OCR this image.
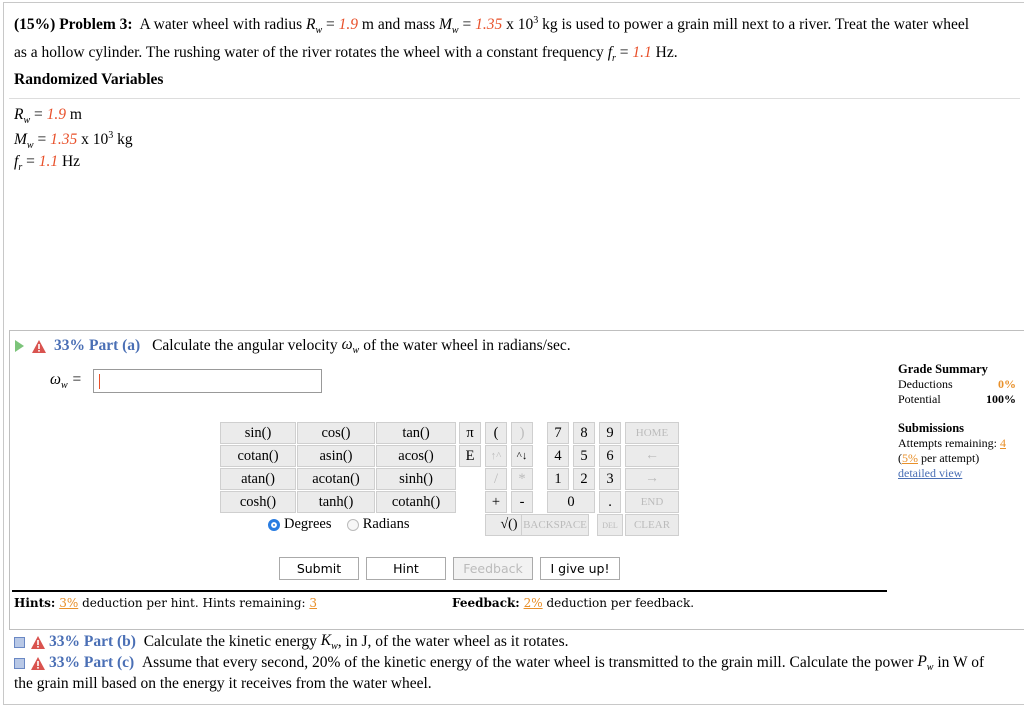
(15%) Problem 3: A water wheel with radius $R_w = 1.9$ m and mass $M_w = 1.35$ x $10^3$ kg is used to power a grain mill next to a river. Treat the water wheel
as a hollow cylinder. The rushing water of the river rotates the wheel with a constant frequency $f_r = 1.1$ Hz.
Randomized Variables
$R_w = 1.9$ m
$M_w = 1.35$ x $10^3$ kg
$f_r = 1.1$ Hz
33% Part (a)
Calculate the angular velocity $\omega_w$ of the water wheel in radians/sec.
$\omega_w$ =
sin()	cos()	tan()
cotan()	asin()	acos()
atan()	acotan()	sinh()
cosh()	tanh()	cotanh()
Degrees
Radians
π	(	)
E	↑^	^↓
/	*
+	-
√()
7	8	9
4	5	6
1	2	3
0	.
HOME
←
→
END
BACKSPACE	DEL	CLEAR
Submit	Hint	Feedback	I give up!
Hints: 3% deduction per hint. Hints remaining: 3	Feedback: 2% deduction per feedback.
Grade Summary
Deductions	0%
Potential	100%
Submissions
Attempts remaining: 4
(5% per attempt)
detailed view
33%
Part (b)
Calculate the kinetic energy
$K_w$ , in J, of the water wheel as it rotates.
33%
Part (c)
Assume that every second, 20% of the kinetic energy of the water wheel is transmitted to the grain mill. Calculate the power
$P_w$
in W of
the grain mill based on the energy it receives from the water wheel.
